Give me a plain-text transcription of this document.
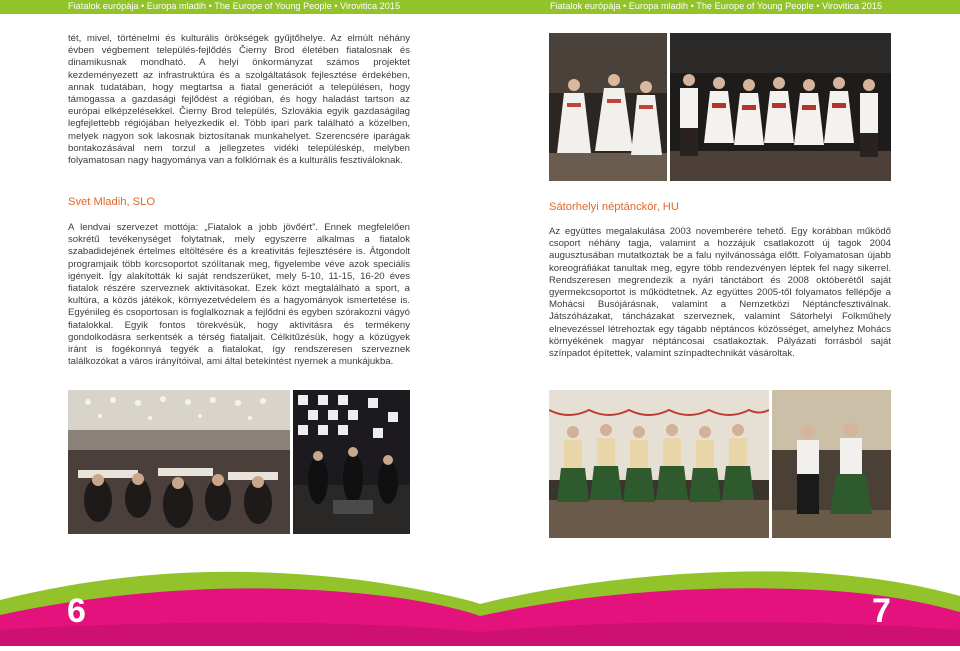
Fiatalok európája • Europa mladih • The Europe of Young People • Virovitica 2015	Fiatalok európája • Europa mladih • The Europe of Young People • Virovitica 2015

tét, mivel, történelmi és kulturális örökségek gyűjtőhelye. Az elmúlt néhány évben végbement település-fejlődés Čierny Brod életében fiatalosnak és dinamikusnak mondható. A helyi önkormányzat számos projektet kezdeményezett az infrastruktúra és a szolgáltatások fejlesztése érdekében, annak tudatában, hogy megtartsa a fiatal generációt a településen, hogy támogassa a gazdasági fejlődést a régióban, és hogy haladást tartson az európai elképzelésekkel. Čierny Brod település, Szlovákia egyik gazdaságilag legfejlettebb régiójában helyezkedik el. Több ipari park található a közelben, melyek nagyon sok lakosnak biztosítanak munkahelyet. Szerencsére iparágak bontakozásával nem torzul a jellegzetes vidéki településkép, melyben folyamatosan nagy hagyománya van a folklórnak és a kulturális fesztiváloknak.

Svet Mladih, SLO

A lendvai szervezet mottója: „Fiatalok a jobb jövőért”. Ennek megfelelően sokrétű tevékenységet folytatnak, mely egyszerre alkalmas a fiatalok szabadidejének értelmes eltöltésére és a kreativitás fejlesztésére is. Átgondolt programjaik több korcsoportot szólítanak meg, figyelembe véve azok speciális igényeit. Így alakították ki saját rendszerüket, mely 5-10, 11-15, 16-20 éves fiatalok részére szerveznek aktivitásokat. Ezek közt megtalálható a sport, a kultúra, a közös játékok, környezetvédelem és a hagyományok ismertetése is. Egyénileg és csoportosan is foglalkoznak a fejlődni és egyben szórakozni vágyó fiatalokkal. Egyik fontos törekvésük, hogy aktivitásra és termékeny gondolkodásra serkentsék a térség fiataljait. Célkitűzésük, hogy a közügyek iránt is fogékonnyá tegyék a fiatalokat, így rendszeresen szerveznek találkozókat a város irányítóival, ami által betekintést nyernek a munkájukba.

Sátorhelyi néptánckör, HU

Az együttes megalakulása 2003 novemberére tehető. Egy korábban működő csoport néhány tagja, valamint a hozzájuk csatlakozott új tagok 2004 augusztusában mutatkoztak be a falu nyilvánossága előtt. Folyamatosan újabb koreográfiákat tanultak meg, egyre több rendezvényen léptek fel nagy sikerrel. Rendszeresen megrendezik a nyári tánctábort és 2008 októberétől saját gyermekcsoportot is működtetnek. Az együttes 2005-től folyamatos fellépője a Mohácsi Busójárásnak, valamint a Nemzetközi Néptáncfesztiválnak. Játszóházakat, táncházakat szerveznek, valamint Sátorhelyi Folkműhely elnevezéssel létrehoztak egy tágabb néptáncos közösséget, amelyhez Mohács környékének magyar néptáncosai csatlakoztak. Pályázati forrásból saját színpadot építettek, valamint színpadtechnikát vásároltak.

6	7
